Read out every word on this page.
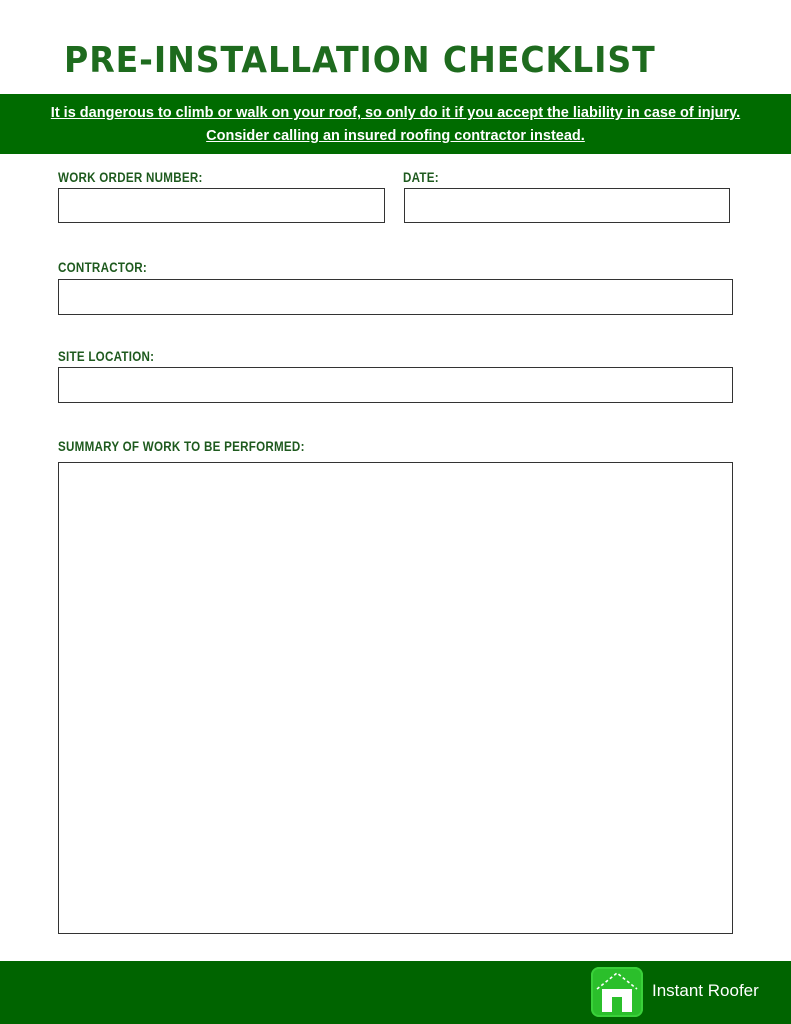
PRE-INSTALLATION CHECKLIST
It is dangerous to climb or walk on your roof, so only do it if you accept the liability in case of injury.
Consider calling an insured roofing contractor instead.
WORK ORDER NUMBER:	DATE:
CONTRACTOR:
SITE LOCATION:
SUMMARY OF WORK TO BE PERFORMED:
Instant Roofer
